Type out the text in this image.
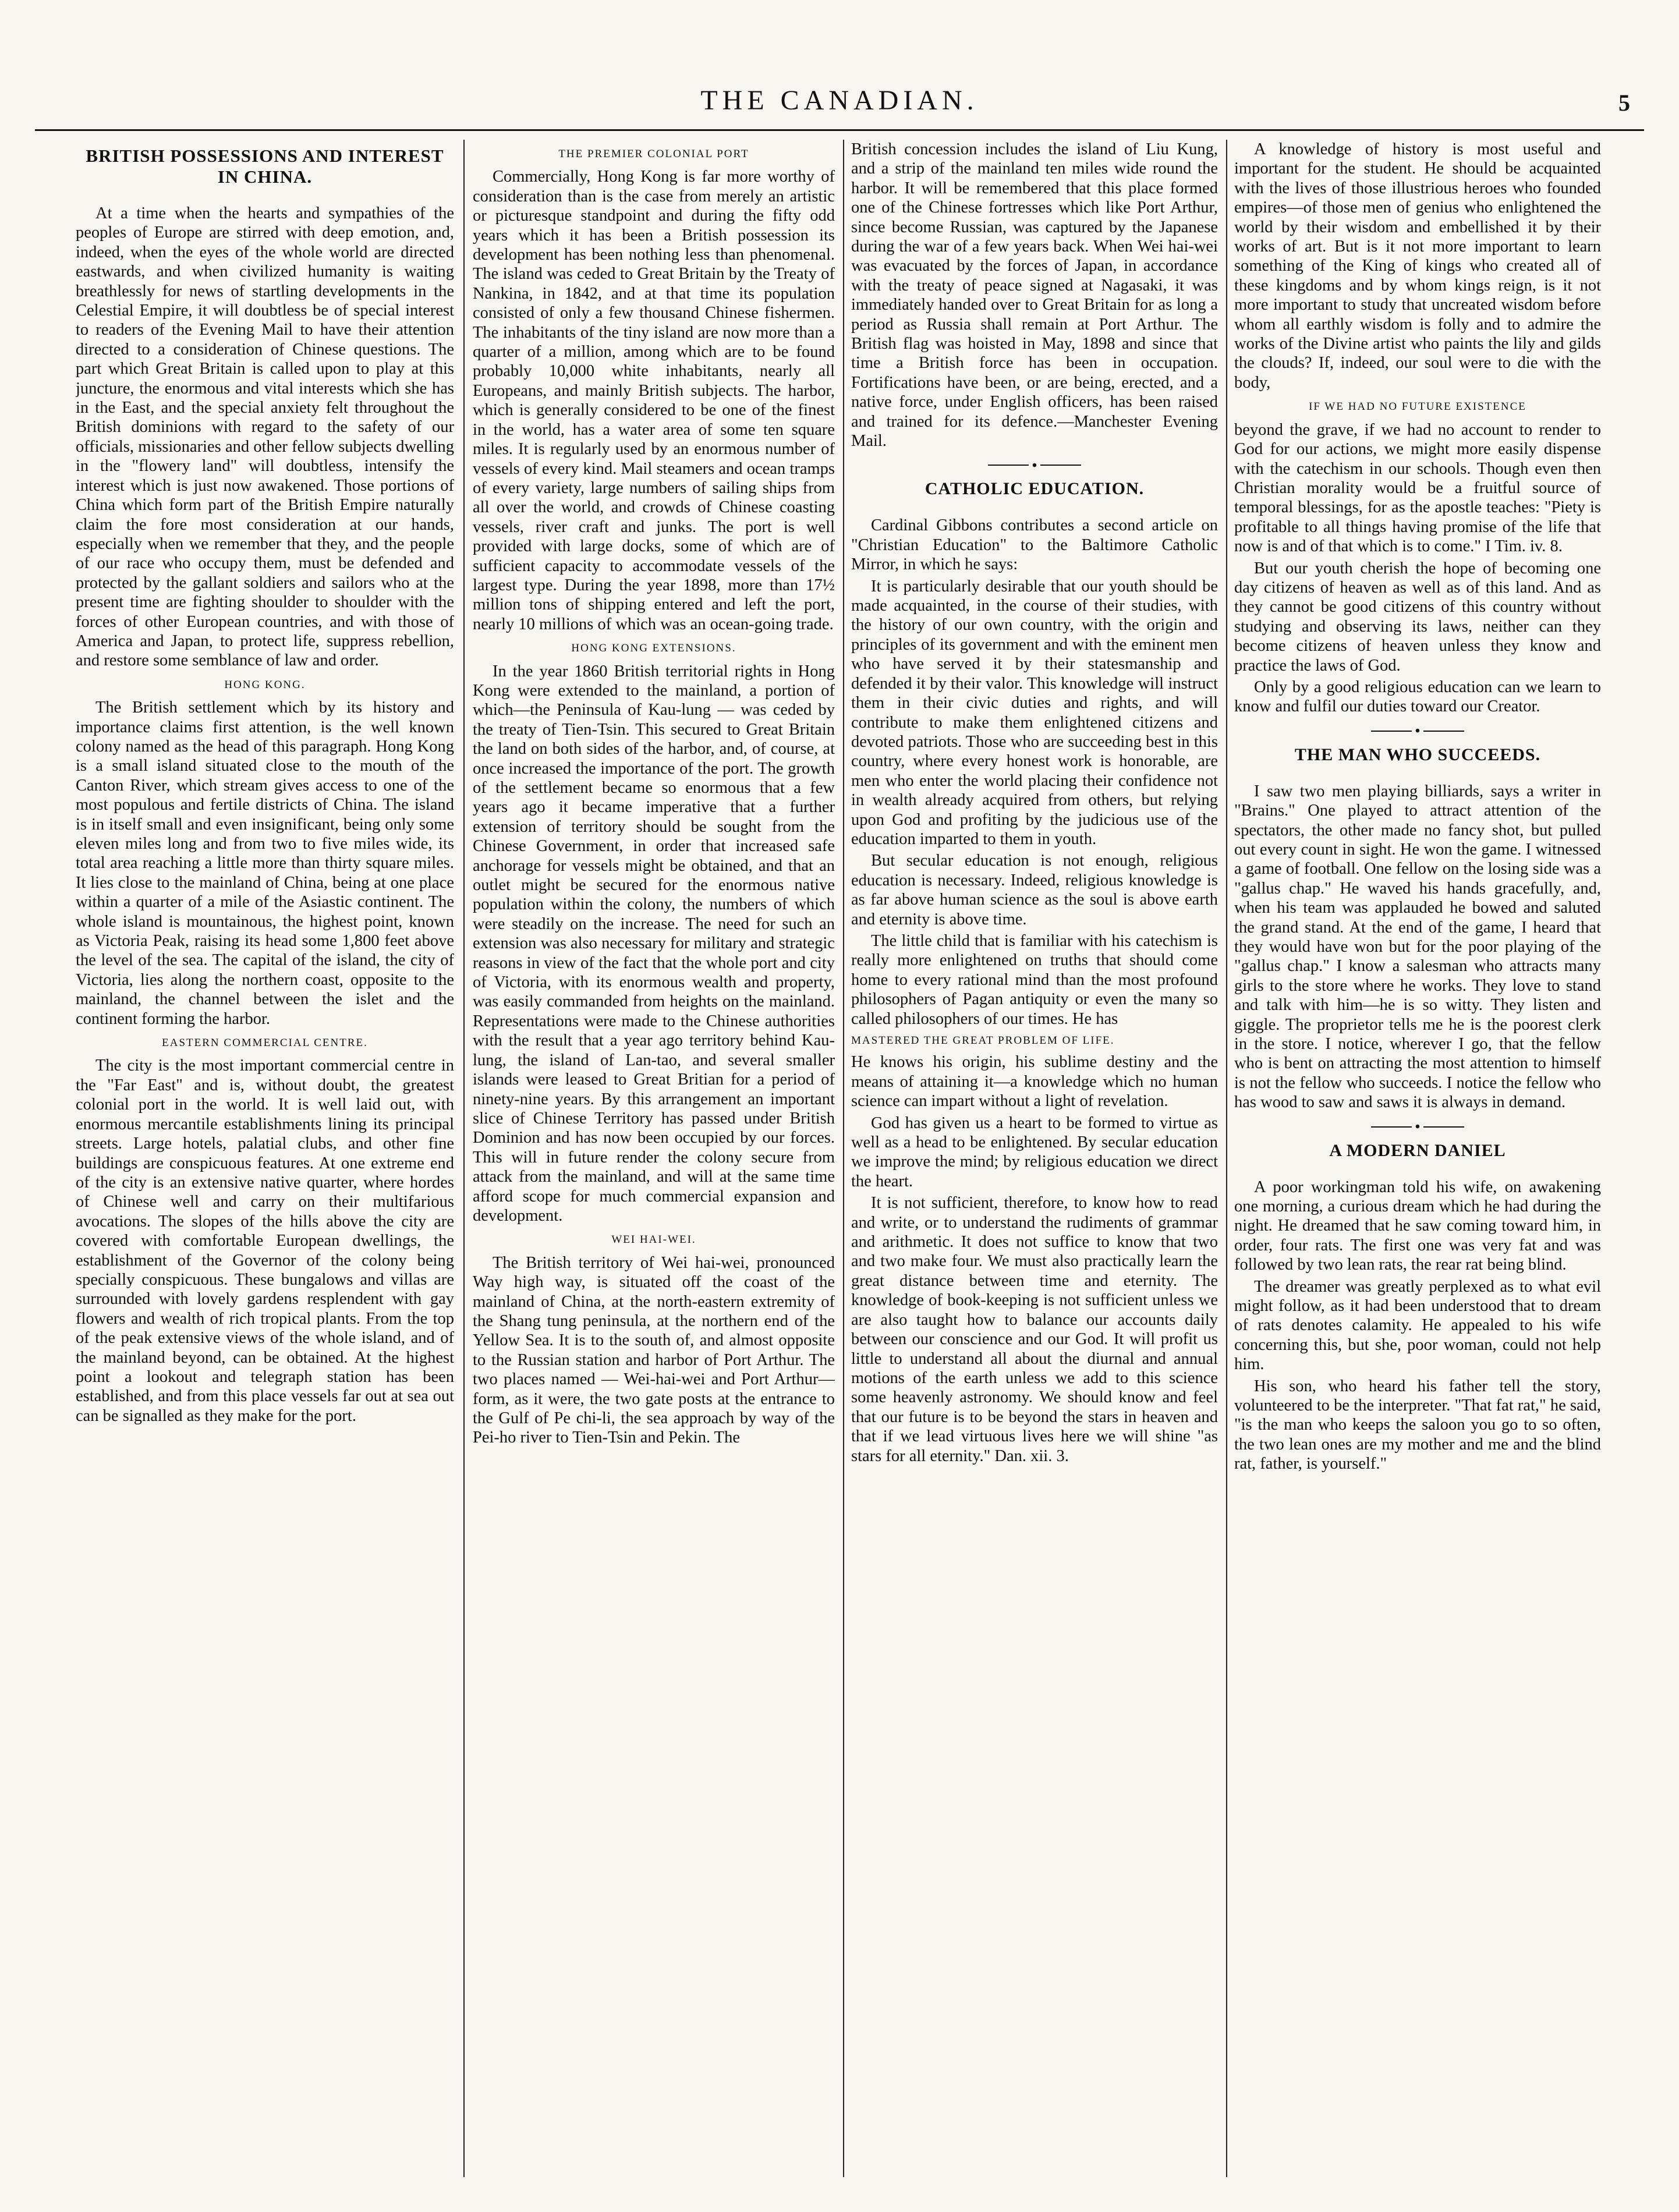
THE CANADIAN.	5
BRITISH POSSESSIONS AND INTEREST IN CHINA.

At a time when the hearts and sympathies of the peoples of Europe are stirred with deep emotion, and, indeed, when the eyes of the whole world are directed eastwards, and when civilized humanity is waiting breathlessly for news of startling developments in the Celestial Empire, it will doubtless be of special interest to readers of the Evening Mail to have their attention directed to a consideration of Chinese questions. The part which Great Britain is called upon to play at this juncture, the enormous and vital interests which she has in the East, and the special anxiety felt throughout the British dominions with regard to the safety of our officials, missionaries and other fellow subjects dwelling in the "flowery land" will doubtless, intensify the interest which is just now awakened. Those portions of China which form part of the British Empire naturally claim the fore most consideration at our hands, especially when we remember that they, and the people of our race who occupy them, must be defended and protected by the gallant soldiers and sailors who at the present time are fighting shoulder to shoulder with the forces of other European countries, and with those of America and Japan, to protect life, suppress rebellion, and restore some semblance of law and order.

HONG KONG.

The British settlement which by its history and importance claims first attention, is the well known colony named as the head of this paragraph. Hong Kong is a small island situated close to the mouth of the Canton River, which stream gives access to one of the most populous and fertile districts of China. The island is in itself small and even insignificant, being only some eleven miles long and from two to five miles wide, its total area reaching a little more than thirty square miles. It lies close to the mainland of China, being at one place within a quarter of a mile of the Asiastic continent. The whole island is mountainous, the highest point, known as Victoria Peak, raising its head some 1,800 feet above the level of the sea. The capital of the island, the city of Victoria, lies along the northern coast, opposite to the mainland, the channel between the islet and the continent forming the harbor.

EASTERN COMMERCIAL CENTRE.

The city is the most important commercial centre in the "Far East" and is, without doubt, the greatest colonial port in the world. It is well laid out, with enormous mercantile establishments lining its principal streets. Large hotels, palatial clubs, and other fine buildings are conspicuous features. At one extreme end of the city is an extensive native quarter, where hordes of Chinese well and carry on their multifarious avocations. The slopes of the hills above the city are covered with comfortable European dwellings, the establishment of the Governor of the colony being specially conspicuous. These bungalows and villas are surrounded with lovely gardens resplendent with gay flowers and wealth of rich tropical plants. From the top of the peak extensive views of the whole island, and of the mainland beyond, can be obtained. At the highest point a lookout and telegraph station has been established, and from this place vessels far out at sea out can be signalled as they make for the port.

THE PREMIER COLONIAL PORT

Commercially, Hong Kong is far more worthy of consideration than is the case from merely an artistic or picturesque standpoint and during the fifty odd years which it has been a British possession its development has been nothing less than phenomenal. The island was ceded to Great Britain by the Treaty of Nankina, in 1842, and at that time its population consisted of only a few thousand Chinese fishermen. The inhabitants of the tiny island are now more than a quarter of a million, among which are to be found probably 10,000 white inhabitants, nearly all Europeans, and mainly British subjects. The harbor, which is generally considered to be one of the finest in the world, has a water area of some ten square miles. It is regularly used by an enormous number of vessels of every kind. Mail steamers and ocean tramps of every variety, large numbers of sailing ships from all over the world, and crowds of Chinese coasting vessels, river craft and junks. The port is well provided with large docks, some of which are of sufficient capacity to accommodate vessels of the largest type. During the year 1898, more than 17½ million tons of shipping entered and left the port, nearly 10 millions of which was an ocean-going trade.

HONG KONG EXTENSIONS.

In the year 1860 British territorial rights in Hong Kong were extended to the mainland, a portion of which—the Peninsula of Kau-lung — was ceded by the treaty of Tien-Tsin. This secured to Great Britain the land on both sides of the harbor, and, of course, at once increased the importance of the port. The growth of the settlement became so enormous that a few years ago it became imperative that a further extension of territory should be sought from the Chinese Government, in order that increased safe anchorage for vessels might be obtained, and that an outlet might be secured for the enormous native population within the colony, the numbers of which were steadily on the increase. The need for such an extension was also necessary for military and strategic reasons in view of the fact that the whole port and city of Victoria, with its enormous wealth and property, was easily commanded from heights on the mainland. Representations were made to the Chinese authorities with the result that a year ago territory behind Kau-lung, the island of Lan-tao, and several smaller islands were leased to Great Britian for a period of ninety-nine years. By this arrangement an important slice of Chinese Territory has passed under British Dominion and has now been occupied by our forces. This will in future render the colony secure from attack from the mainland, and will at the same time afford scope for much commercial expansion and development.

WEI HAI-WEI.

The British territory of Wei hai-wei, pronounced Way high way, is situated off the coast of the mainland of China, at the north-eastern extremity of the Shang tung peninsula, at the northern end of the Yellow Sea. It is to the south of, and almost opposite to the Russian station and harbor of Port Arthur. The two places named — Wei-hai-wei and Port Arthur—form, as it were, the two gate posts at the entrance to the Gulf of Pe chi-li, the sea approach by way of the Pei-ho river to Tien-Tsin and Pekin. The

British concession includes the island of Liu Kung, and a strip of the mainland ten miles wide round the harbor. It will be remembered that this place formed one of the Chinese fortresses which like Port Arthur, since become Russian, was captured by the Japanese during the war of a few years back. When Wei hai-wei was evacuated by the forces of Japan, in accordance with the treaty of peace signed at Nagasaki, it was immediately handed over to Great Britain for as long a period as Russia shall remain at Port Arthur. The British flag was hoisted in May, 1898 and since that time a British force has been in occupation. Fortifications have been, or are being, erected, and a native force, under English officers, has been raised and trained for its defence.—Manchester Evening Mail.

•
CATHOLIC EDUCATION.

Cardinal Gibbons contributes a second article on "Christian Education" to the Baltimore Catholic Mirror, in which he says:

It is particularly desirable that our youth should be made acquainted, in the course of their studies, with the history of our own country, with the origin and principles of its government and with the eminent men who have served it by their statesmanship and defended it by their valor. This knowledge will instruct them in their civic duties and rights, and will contribute to make them enlightened citizens and devoted patriots. Those who are succeeding best in this country, where every honest work is honorable, are men who enter the world placing their confidence not in wealth already acquired from others, but relying upon God and profiting by the judicious use of the education imparted to them in youth.

But secular education is not enough, religious education is necessary. Indeed, religious knowledge is as far above human science as the soul is above earth and eternity is above time.

The little child that is familiar with his catechism is really more enlightened on truths that should come home to every rational mind than the most profound philosophers of Pagan antiquity or even the many so called philosophers of our times. He has

MASTERED THE GREAT PROBLEM OF LIFE.

He knows his origin, his sublime destiny and the means of attaining it—a knowledge which no human science can impart without a light of revelation.

God has given us a heart to be formed to virtue as well as a head to be enlightened. By secular education we improve the mind; by religious education we direct the heart.

It is not sufficient, therefore, to know how to read and write, or to understand the rudiments of grammar and arithmetic. It does not suffice to know that two and two make four. We must also practically learn the great distance between time and eternity. The knowledge of book-keeping is not sufficient unless we are also taught how to balance our accounts daily between our conscience and our God. It will profit us little to understand all about the diurnal and annual motions of the earth unless we add to this science some heavenly astronomy. We should know and feel that our future is to be beyond the stars in heaven and that if we lead virtuous lives here we will shine "as stars for all eternity." Dan. xii. 3.

A knowledge of history is most useful and important for the student. He should be acquainted with the lives of those illustrious heroes who founded empires—of those men of genius who enlightened the world by their wisdom and embellished it by their works of art. But is it not more important to learn something of the King of kings who created all of these kingdoms and by whom kings reign, is it not more important to study that uncreated wisdom before whom all earthly wisdom is folly and to admire the works of the Divine artist who paints the lily and gilds the clouds? If, indeed, our soul were to die with the body,

IF WE HAD NO FUTURE EXISTENCE

beyond the grave, if we had no account to render to God for our actions, we might more easily dispense with the catechism in our schools. Though even then Christian morality would be a fruitful source of temporal blessings, for as the apostle teaches: "Piety is profitable to all things having promise of the life that now is and of that which is to come." I Tim. iv. 8.

But our youth cherish the hope of becoming one day citizens of heaven as well as of this land. And as they cannot be good citizens of this country without studying and observing its laws, neither can they become citizens of heaven unless they know and practice the laws of God.

Only by a good religious education can we learn to know and fulfil our duties toward our Creator.

•
THE MAN WHO SUCCEEDS.

I saw two men playing billiards, says a writer in "Brains." One played to attract attention of the spectators, the other made no fancy shot, but pulled out every count in sight. He won the game. I witnessed a game of football. One fellow on the losing side was a "gallus chap." He waved his hands gracefully, and, when his team was applauded he bowed and saluted the grand stand. At the end of the game, I heard that they would have won but for the poor playing of the "gallus chap." I know a salesman who attracts many girls to the store where he works. They love to stand and talk with him—he is so witty. They listen and giggle. The proprietor tells me he is the poorest clerk in the store. I notice, wherever I go, that the fellow who is bent on attracting the most attention to himself is not the fellow who succeeds. I notice the fellow who has wood to saw and saws it is always in demand.

•
A MODERN DANIEL

A poor workingman told his wife, on awakening one morning, a curious dream which he had during the night. He dreamed that he saw coming toward him, in order, four rats. The first one was very fat and was followed by two lean rats, the rear rat being blind.

The dreamer was greatly perplexed as to what evil might follow, as it had been understood that to dream of rats denotes calamity. He appealed to his wife concerning this, but she, poor woman, could not help him.

His son, who heard his father tell the story, volunteered to be the interpreter. "That fat rat," he said, "is the man who keeps the saloon you go to so often, the two lean ones are my mother and me and the blind rat, father, is yourself."
